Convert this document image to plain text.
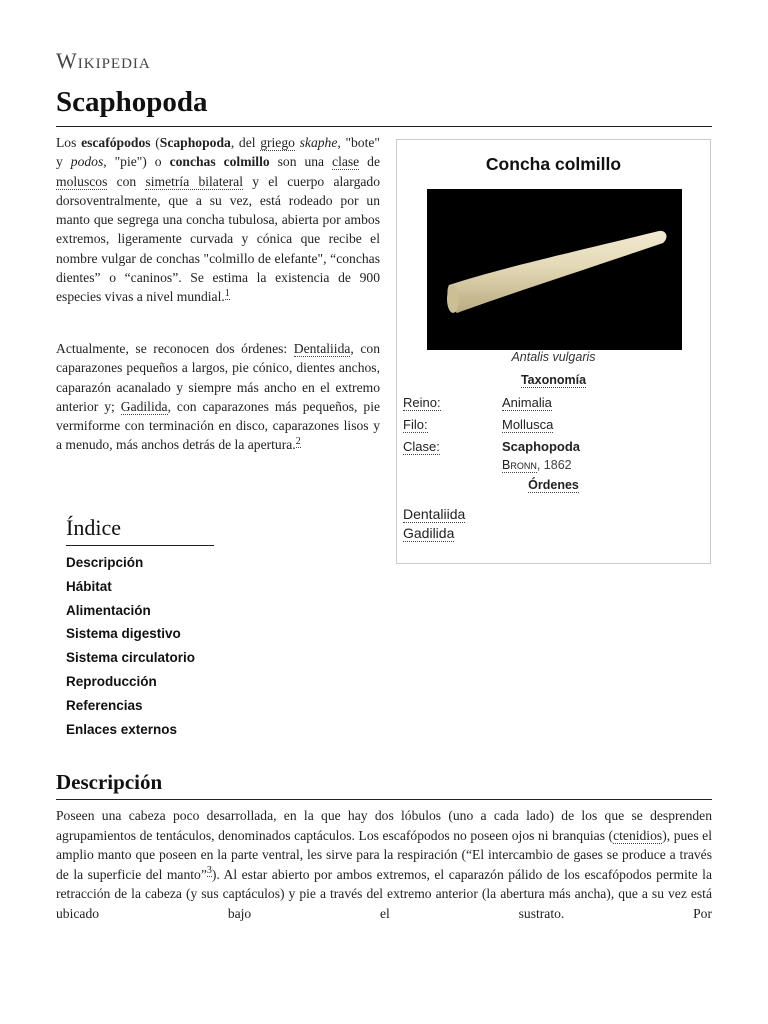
Wikipedia
Scaphopoda

Los escafópodos (Scaphopoda, del griego skaphe, "bote" y podos, "pie") o conchas colmillo son una clase de moluscos con simetría bilateral y el cuerpo alargado dorsoventralmente, que a su vez, está rodeado por un manto que segrega una concha tubulosa, abierta por ambos extremos, ligeramente curvada y cónica que recibe el nombre vulgar de conchas "colmillo de elefante", “conchas dientes” o “caninos”. Se estima la existencia de 900 especies vivas a nivel mundial.$^1$

Actualmente, se reconocen dos órdenes: Dentaliida, con caparazones pequeños a largos, pie cónico, dientes anchos, caparazón acanalado y siempre más ancho en el extremo anterior y; Gadilida, con caparazones más pequeños, pie vermiforme con terminación en disco, caparazones lisos y a menudo, más anchos detrás de la apertura.$^2$

Concha colmillo
Antalis vulgaris
Taxonomía
Reino:	Animalia
Filo:	Mollusca
Clase:	Scaphopoda
Bronn, 1862
Órdenes
Dentaliida
Gadilida
Índice
Descripción
Hábitat
Alimentación
Sistema digestivo
Sistema circulatorio
Reproducción
Referencias
Enlaces externos
Descripción

Poseen una cabeza poco desarrollada, en la que hay dos lóbulos (uno a cada lado) de los que se desprenden agrupamientos de tentáculos, denominados captáculos. Los escafópodos no poseen ojos ni branquias (ctenidios), pues el amplio manto que poseen en la parte ventral, les sirve para la respiración (“El intercambio de gases se produce a través de la superficie del manto”$^3$). Al estar abierto por ambos extremos, el caparazón pálido de los escafópodos permite la retracción de la cabeza (y sus captáculos) y pie a través del extremo anterior (la abertura más ancha), que a su vez está ubicado bajo el sustrato. Por
